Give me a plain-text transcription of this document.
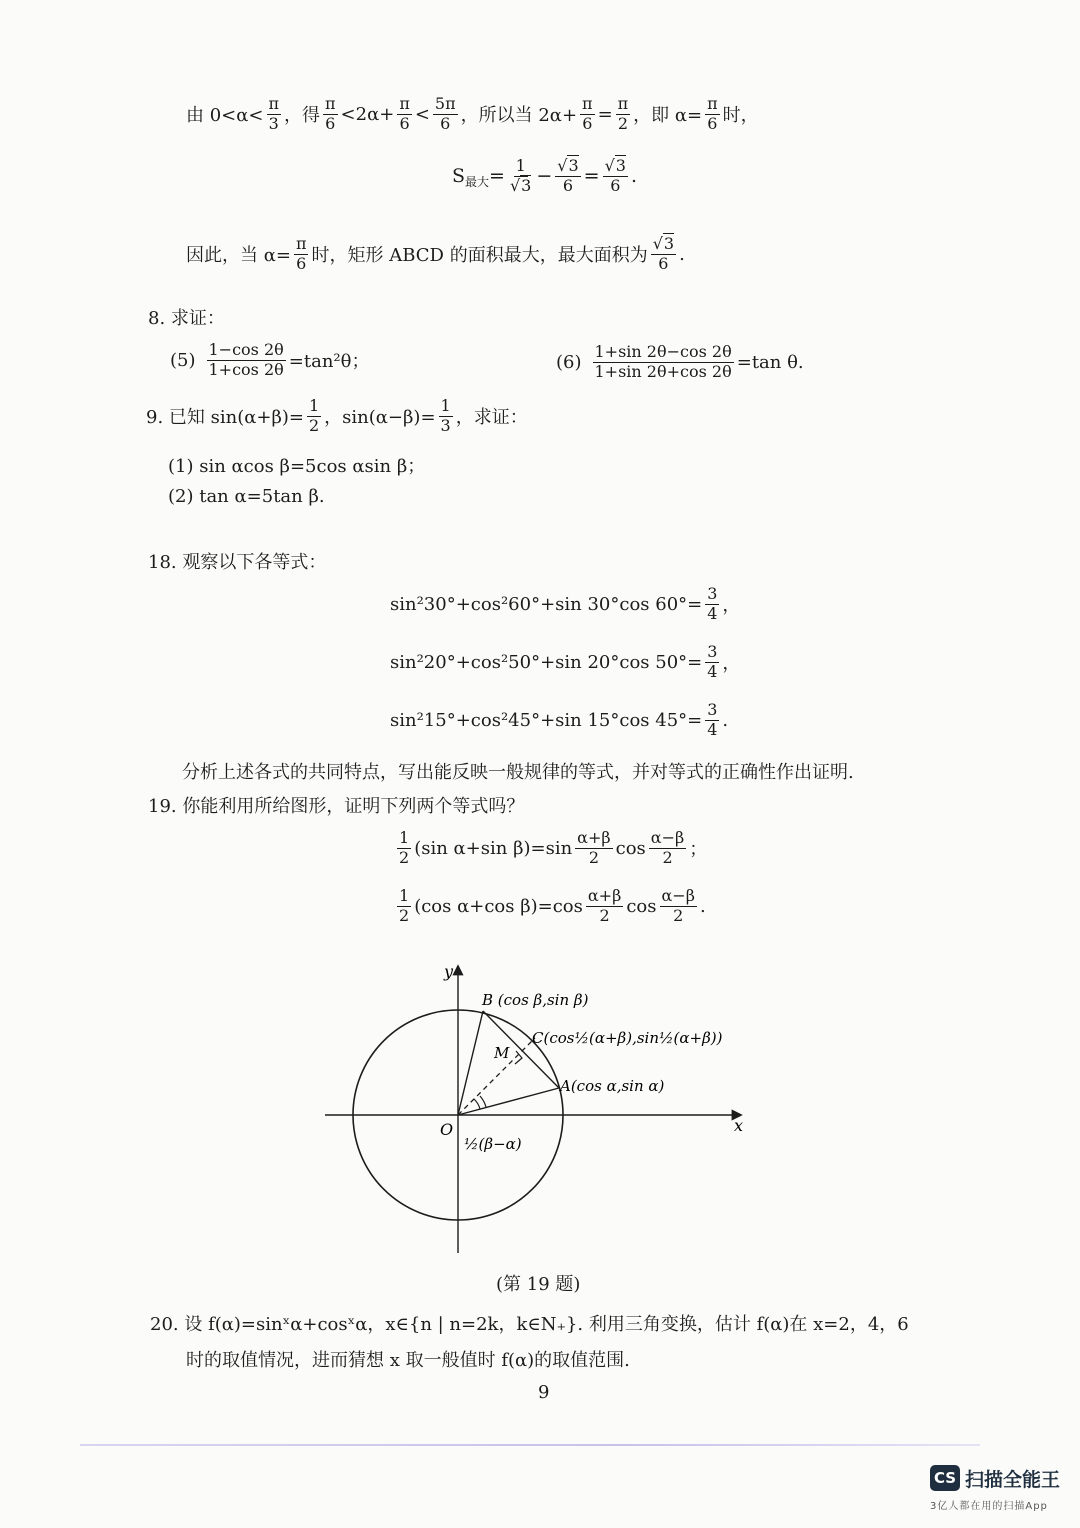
由 $0<\alpha< \frac{\pi}{3}$ ，得 $\frac{\pi}{6} <2\alpha+ \frac{\pi}{6} < \frac{5\pi}{6}$ ，所以当 $2\alpha+ \frac{\pi}{6} = \frac{\pi}{2}$ ，即 $\alpha= \frac{\pi}{6}$ 时，
S 最大 = $\frac{1}{√3} - \frac{√3}{6} = \frac{√3}{6}$ .
因此，当 $\alpha= \frac{\pi}{6}$ 时，矩形 ABCD 的面积最大，最大面积为 $\frac{√3}{6}$ .
8. 求证：
$(5) \frac{1-\cos 2\theta}{1+\cos 2\theta} =\tan^2\theta$；	$(6) \frac{1+\sin 2\theta-\cos 2\theta}{1+\sin 2\theta+\cos 2\theta} =\tan$ θ.
9. 已知 $\sin(\alpha+\beta)= \frac{1}{2}$ ，$\sin(\alpha-\beta)= \frac{1}{3}$ ，求证：
(1) sin αcos β=5cos αsin β；
(2) tan α=5tan β.
18. 观察以下各等式：
sin²30°+cos²60°+sin 30°cos $60^\circ= \frac{3}{4}$ ，
sin²20°+cos²50°+sin 20°cos $50^\circ= \frac{3}{4}$ ，
sin²15°+cos²45°+sin 15°cos $45^\circ= \frac{3}{4}$ .
分析上述各式的共同特点，写出能反映一般规律的等式，并对等式的正确性作出证明.
19. 你能利用所给图形，证明下列两个等式吗？
$\frac{1}{2} (\sin$ α+sin $\beta)=\sin \frac{\alpha+\beta}{2}$ $\cos \frac{\alpha-\beta}{2}$ ；
$\frac{1}{2} (\cos$ α+cos $\beta)=\cos \frac{\alpha+\beta}{2}$ $\cos \frac{\alpha-\beta}{2}$ .
y
x
O
B (cos β,sin β)
C(cos½(α+β),sin½(α+β))
A(cos α,sin α)
M
½(β−α)
(第 19 题)
20. 设 f(α)=sinˣα+cosˣα，x∈{n | n=2k，k∈N₊}. 利用三角变换，估计 f(α)在 x=2，4，6
时的取值情况，进而猜想 x 取一般值时 f(α)的取值范围.
9
CS 扫描全能王
3亿人都在用的扫描App
